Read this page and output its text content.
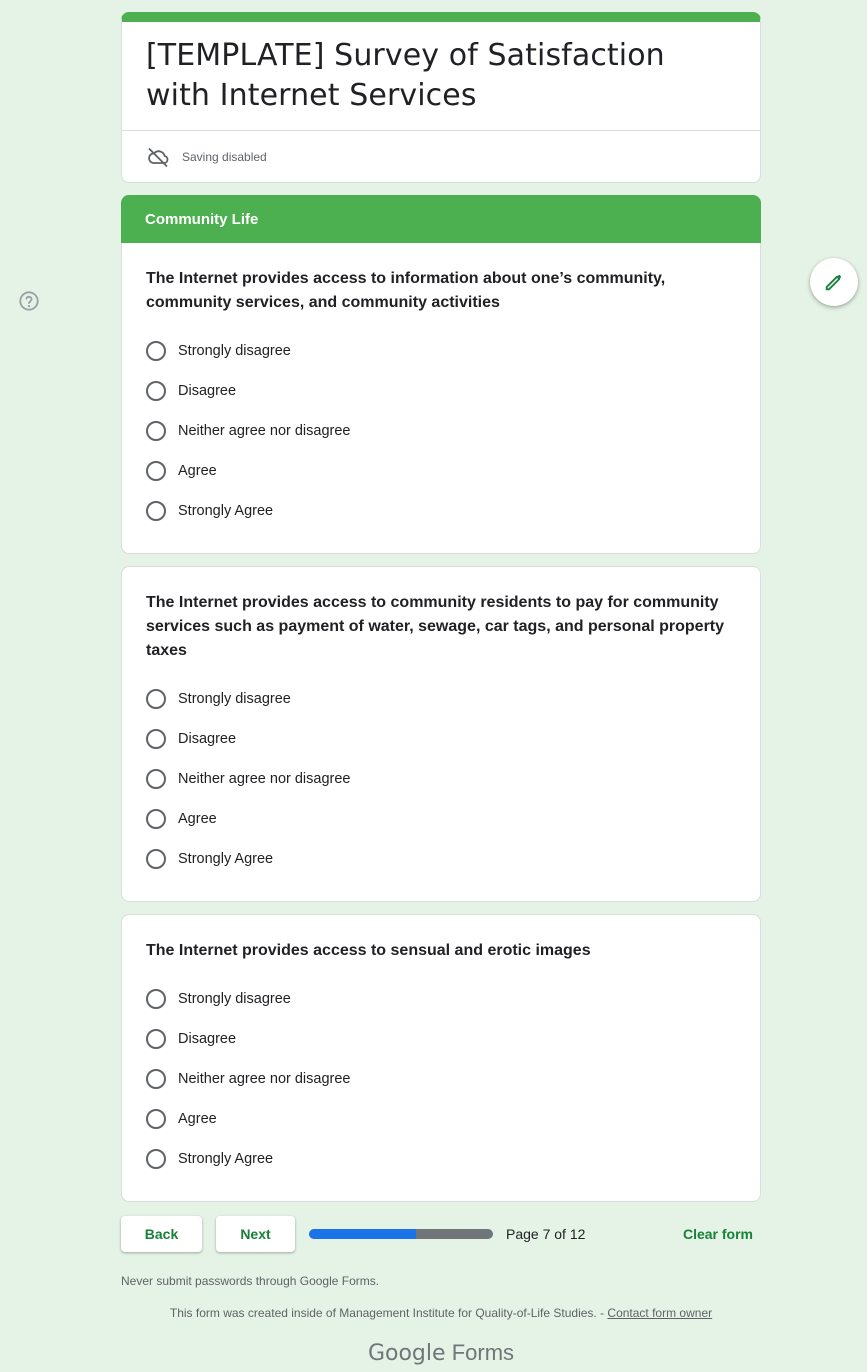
[TEMPLATE] Survey of Satisfaction with Internet Services
Saving disabled
Community Life
The Internet provides access to information about one’s community, community services, and community activities
Strongly disagree
Disagree
Neither agree nor disagree
Agree
Strongly Agree
The Internet provides access to community residents to pay for community services such as payment of water, sewage, car tags, and personal property taxes
Strongly disagree
Disagree
Neither agree nor disagree
Agree
Strongly Agree
The Internet provides access to sensual and erotic images
Strongly disagree
Disagree
Neither agree nor disagree
Agree
Strongly Agree
Back	Next	Page 7 of 12	Clear form
Never submit passwords through Google Forms.
This form was created inside of Management Institute for Quality-of-Life Studies. - Contact form owner
Google Forms
